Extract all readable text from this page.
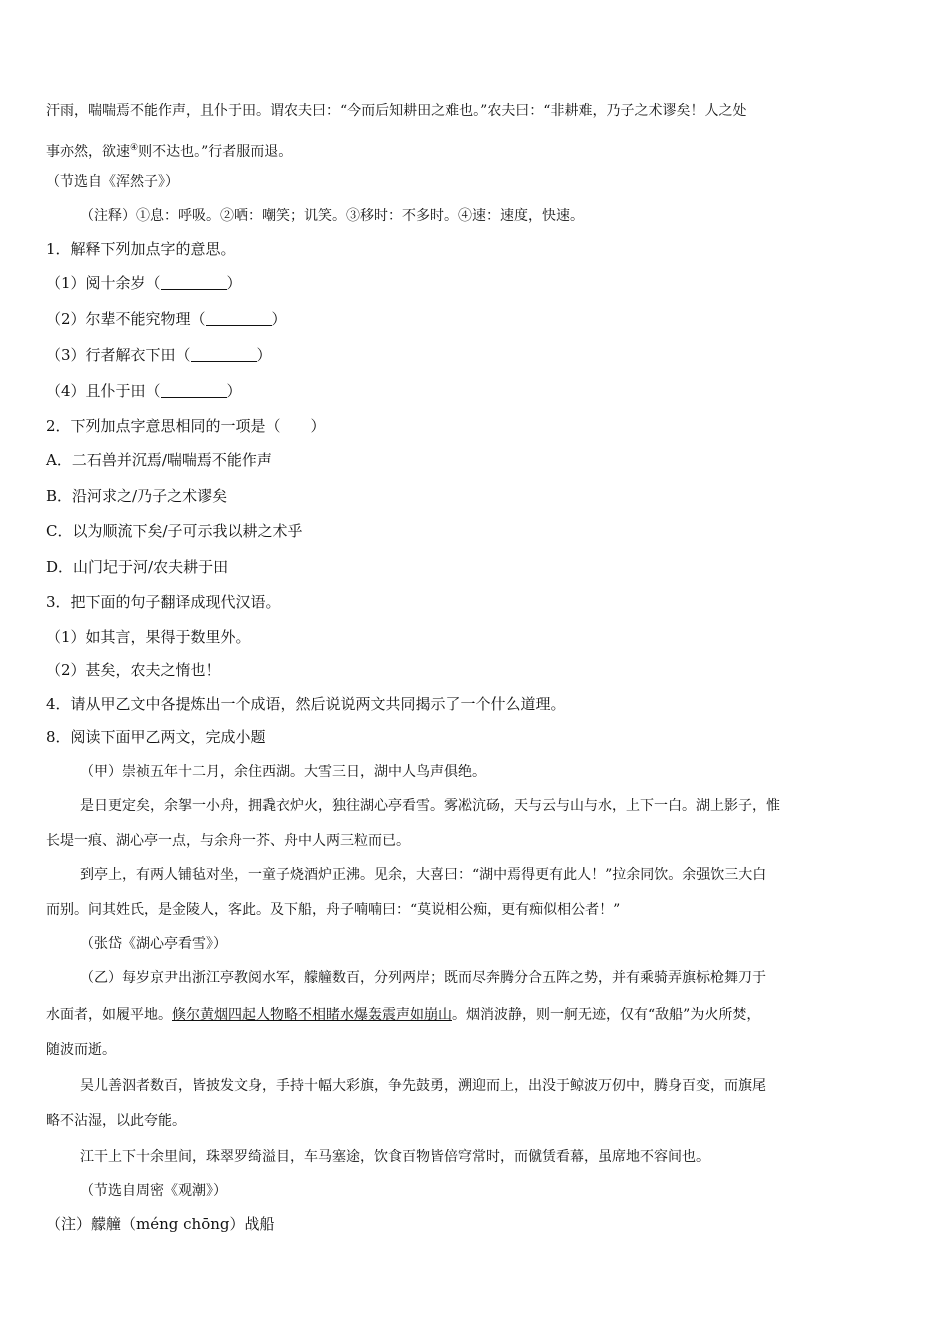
汗雨，喘喘焉不能作声，且仆于田。谓农夫曰：“今而后知耕田之难也。”农夫曰：“非耕难，乃子之术谬矣！人之处
事亦然，欲速④则不达也。”行者服而退。
（节选自《浑然子》）
（注释）①息：呼吸。②哂：嘲笑；讥笑。③移时：不多时。④速：速度，快速。
1．解释下列加点字的意思。
（1）阅十余岁（	）
（2）尔辈不能究物理（	）
（3）行者解衣下田（	）
（4）且仆于田（	）
2．下列加点字意思相同的一项是（　　）
A．二石兽并沉焉/喘喘焉不能作声
B．沿河求之/乃子之术谬矣
C．以为顺流下矣/子可示我以耕之术乎
D．山门圮于河/农夫耕于田
3．把下面的句子翻译成现代汉语。
（1）如其言，果得于数里外。
（2）甚矣，农夫之惰也！
4．请从甲乙文中各提炼出一个成语，然后说说两文共同揭示了一个什么道理。
8．阅读下面甲乙两文，完成小题
（甲）崇祯五年十二月，余住西湖。大雪三日，湖中人鸟声俱绝。
是日更定矣，余挐一小舟，拥毳衣炉火，独往湖心亭看雪。雾凇沆砀，天与云与山与水，上下一白。湖上影子，惟
长堤一痕、湖心亭一点，与余舟一芥、舟中人两三粒而已。
到亭上，有两人铺毡对坐，一童子烧酒炉正沸。见余，大喜曰：“湖中焉得更有此人！”拉余同饮。余强饮三大白
而别。问其姓氏，是金陵人，客此。及下船，舟子喃喃曰：“莫说相公痴，更有痴似相公者！”
（张岱《湖心亭看雪》）
（乙）每岁京尹出浙江亭教阅水军，艨艟数百，分列两岸；既而尽奔腾分合五阵之势，并有乘骑弄旗标枪舞刀于
水面者，如履平地。倏尔黄烟四起人物略不相睹水爆轰震声如崩山。烟消波静，则一舸无迹，仅有“敌船”为火所焚，
随波而逝。
吴儿善泅者数百，皆披发文身，手持十幅大彩旗，争先鼓勇，溯迎而上，出没于鲸波万仞中，腾身百变，而旗尾
略不沾湿，以此夸能。
江干上下十余里间，珠翠罗绮溢目，车马塞途，饮食百物皆倍穹常时，而僦赁看幕，虽席地不容间也。
（节选自周密《观潮》）
（注）艨艟（méng chōng）战船
